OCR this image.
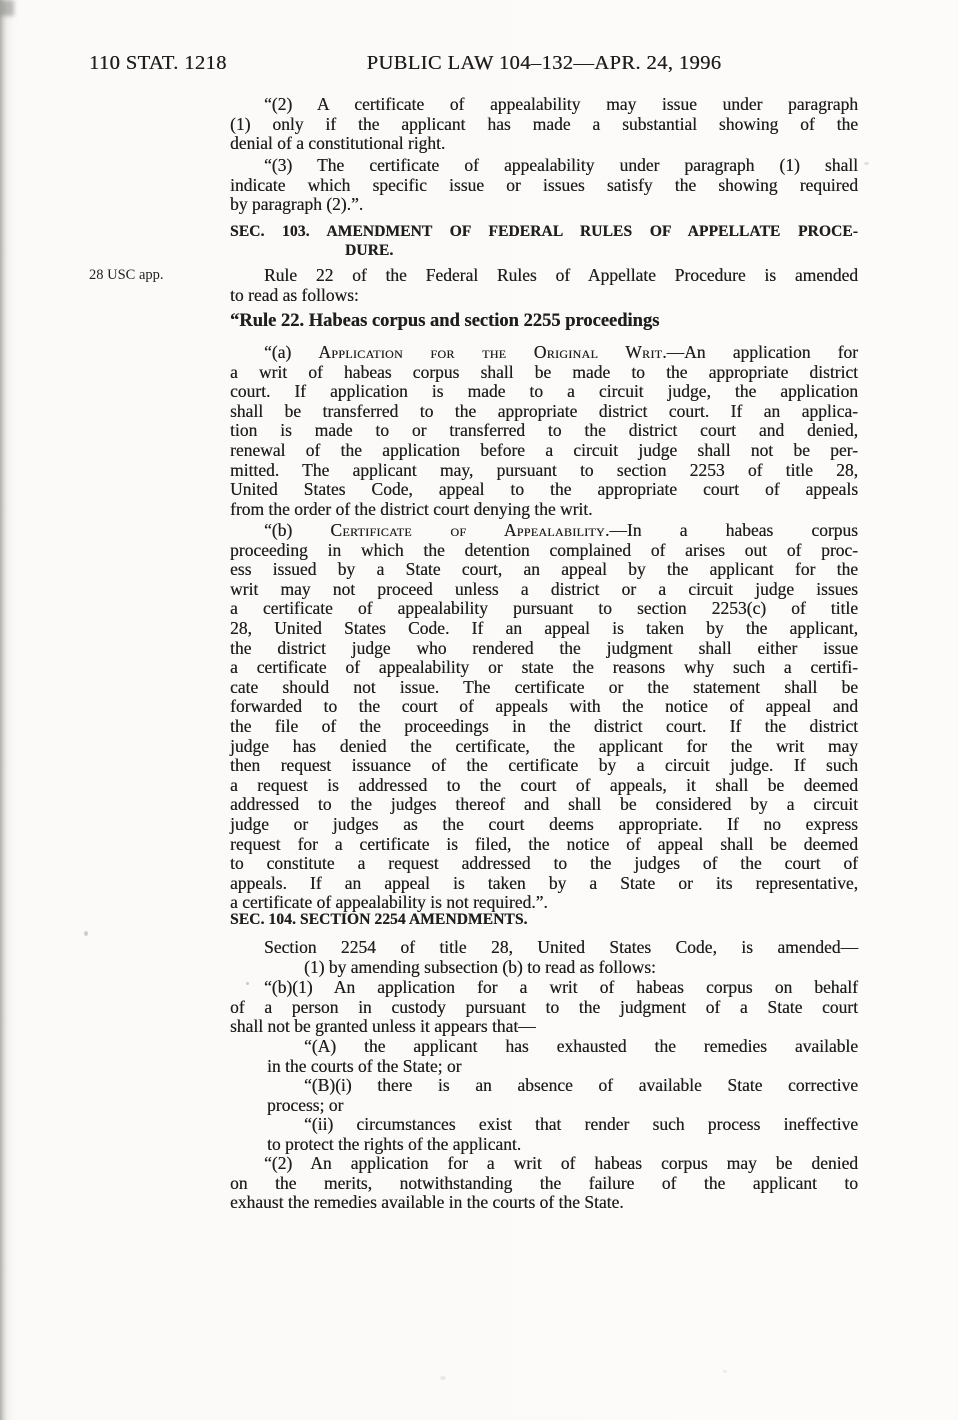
110 STAT. 1218	PUBLIC LAW 104–132—APR. 24, 1996
28 USC app.
“(2) A certificate of appealability may issue under paragraph
(1) only if the applicant has made a substantial showing of the
denial of a constitutional right.
“(3) The certificate of appealability under paragraph (1) shall
indicate which specific issue or issues satisfy the showing required
by paragraph (2).”.
SEC. 103. AMENDMENT OF FEDERAL RULES OF APPELLATE PROCE-
DURE.
Rule 22 of the Federal Rules of Appellate Procedure is amended
to read as follows:
“Rule 22. Habeas corpus and section 2255 proceedings
“(a) Application for the Original Writ.—An application for
a writ of habeas corpus shall be made to the appropriate district
court. If application is made to a circuit judge, the application
shall be transferred to the appropriate district court. If an applica-
tion is made to or transferred to the district court and denied,
renewal of the application before a circuit judge shall not be per-
mitted. The applicant may, pursuant to section 2253 of title 28,
United States Code, appeal to the appropriate court of appeals
from the order of the district court denying the writ.
“(b) Certificate of Appealability.—In a habeas corpus
proceeding in which the detention complained of arises out of proc-
ess issued by a State court, an appeal by the applicant for the
writ may not proceed unless a district or a circuit judge issues
a certificate of appealability pursuant to section 2253(c) of title
28, United States Code. If an appeal is taken by the applicant,
the district judge who rendered the judgment shall either issue
a certificate of appealability or state the reasons why such a certifi-
cate should not issue. The certificate or the statement shall be
forwarded to the court of appeals with the notice of appeal and
the file of the proceedings in the district court. If the district
judge has denied the certificate, the applicant for the writ may
then request issuance of the certificate by a circuit judge. If such
a request is addressed to the court of appeals, it shall be deemed
addressed to the judges thereof and shall be considered by a circuit
judge or judges as the court deems appropriate. If no express
request for a certificate is filed, the notice of appeal shall be deemed
to constitute a request addressed to the judges of the court of
appeals. If an appeal is taken by a State or its representative,
a certificate of appealability is not required.”.
SEC. 104. SECTION 2254 AMENDMENTS.
Section 2254 of title 28, United States Code, is amended—
(1) by amending subsection (b) to read as follows:
“(b)(1) An application for a writ of habeas corpus on behalf
of a person in custody pursuant to the judgment of a State court
shall not be granted unless it appears that—
“(A) the applicant has exhausted the remedies available
in the courts of the State; or
“(B)(i) there is an absence of available State corrective
process; or
“(ii) circumstances exist that render such process ineffective
to protect the rights of the applicant.
“(2) An application for a writ of habeas corpus may be denied
on the merits, notwithstanding the failure of the applicant to
exhaust the remedies available in the courts of the State.
